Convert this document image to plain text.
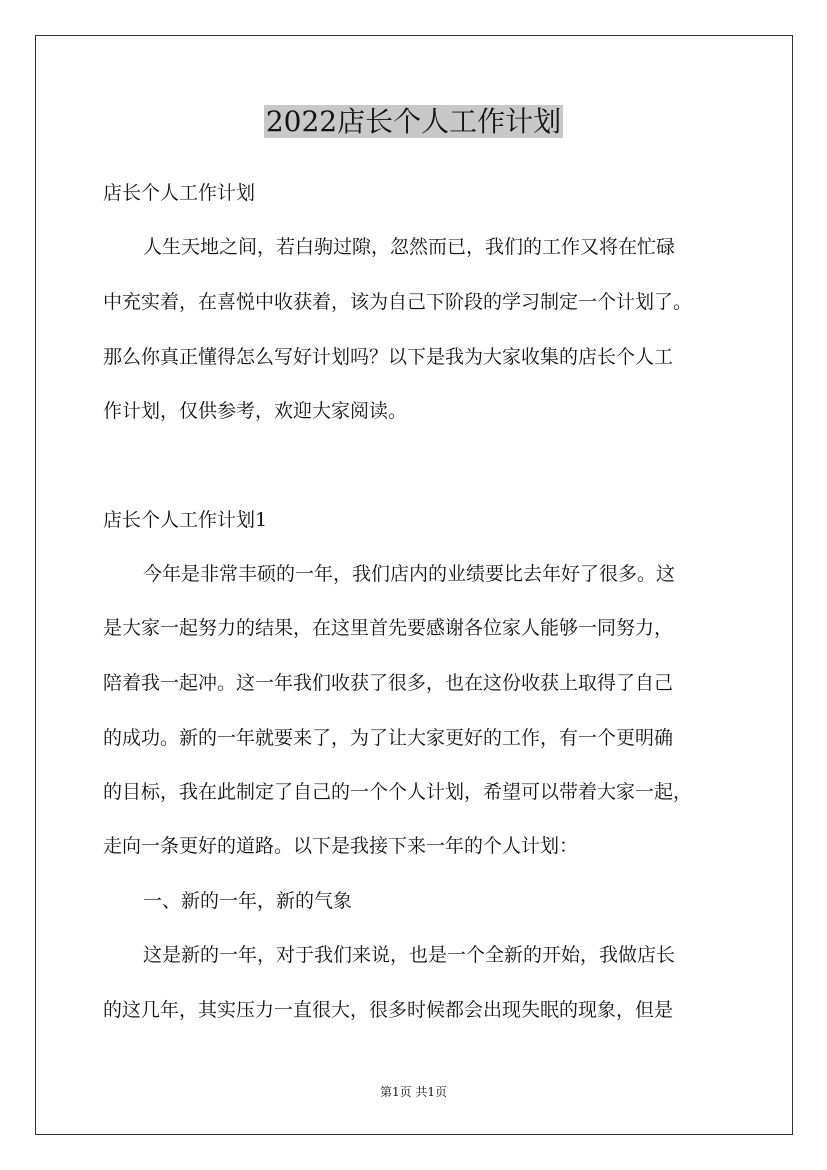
2022店长个人工作计划
店长个人工作计划
人生天地之间，若白驹过隙，忽然而已，我们的工作又将在忙碌
中充实着，在喜悦中收获着，该为自己下阶段的学习制定一个计划了。
那么你真正懂得怎么写好计划吗？以下是我为大家收集的店长个人工
作计划，仅供参考，欢迎大家阅读。
店长个人工作计划1
今年是非常丰硕的一年，我们店内的业绩要比去年好了很多。这
是大家一起努力的结果，在这里首先要感谢各位家人能够一同努力，
陪着我一起冲。这一年我们收获了很多，也在这份收获上取得了自己
的成功。新的一年就要来了，为了让大家更好的工作，有一个更明确
的目标，我在此制定了自己的一个个人计划，希望可以带着大家一起，
走向一条更好的道路。以下是我接下来一年的个人计划：
一、新的一年，新的气象
这是新的一年，对于我们来说，也是一个全新的开始，我做店长
的这几年，其实压力一直很大，很多时候都会出现失眠的现象，但是
第1页 共1页
